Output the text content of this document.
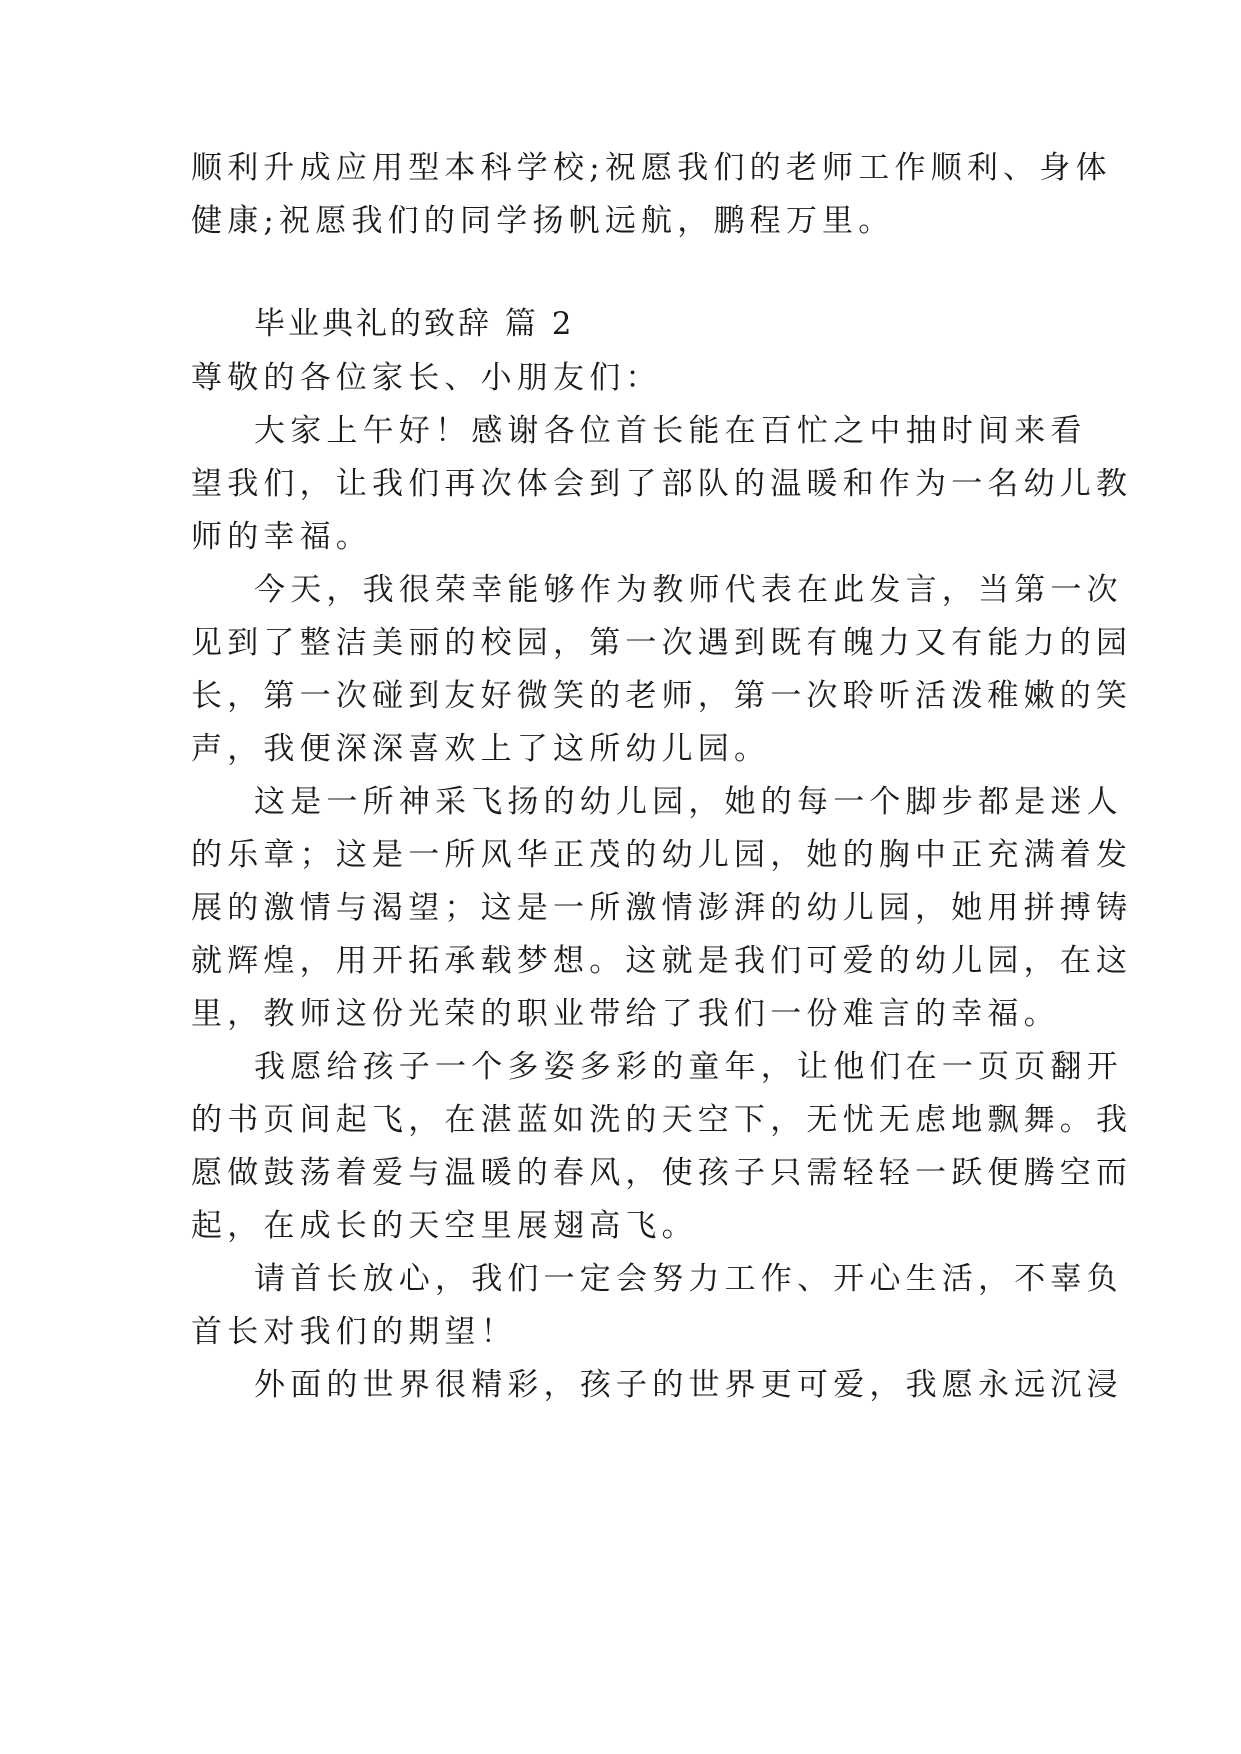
顺利升成应用型本科学校;祝愿我们的老师工作顺利、身体
健康;祝愿我们的同学扬帆远航，鹏程万里。
毕业典礼的致辞 篇 2
尊敬的各位家长、小朋友们：
大家上午好！感谢各位首长能在百忙之中抽时间来看
望我们，让我们再次体会到了部队的温暖和作为一名幼儿教
师的幸福。
今天，我很荣幸能够作为教师代表在此发言，当第一次
见到了整洁美丽的校园，第一次遇到既有魄力又有能力的园
长，第一次碰到友好微笑的老师，第一次聆听活泼稚嫩的笑
声，我便深深喜欢上了这所幼儿园。
这是一所神采飞扬的幼儿园，她的每一个脚步都是迷人
的乐章；这是一所风华正茂的幼儿园，她的胸中正充满着发
展的激情与渴望；这是一所激情澎湃的幼儿园，她用拼搏铸
就辉煌，用开拓承载梦想。这就是我们可爱的幼儿园，在这
里，教师这份光荣的职业带给了我们一份难言的幸福。
我愿给孩子一个多姿多彩的童年，让他们在一页页翻开
的书页间起飞，在湛蓝如洗的天空下，无忧无虑地飘舞。我
愿做鼓荡着爱与温暖的春风，使孩子只需轻轻一跃便腾空而
起，在成长的天空里展翅高飞。
请首长放心，我们一定会努力工作、开心生活，不辜负
首长对我们的期望！
外面的世界很精彩，孩子的世界更可爱，我愿永远沉浸
